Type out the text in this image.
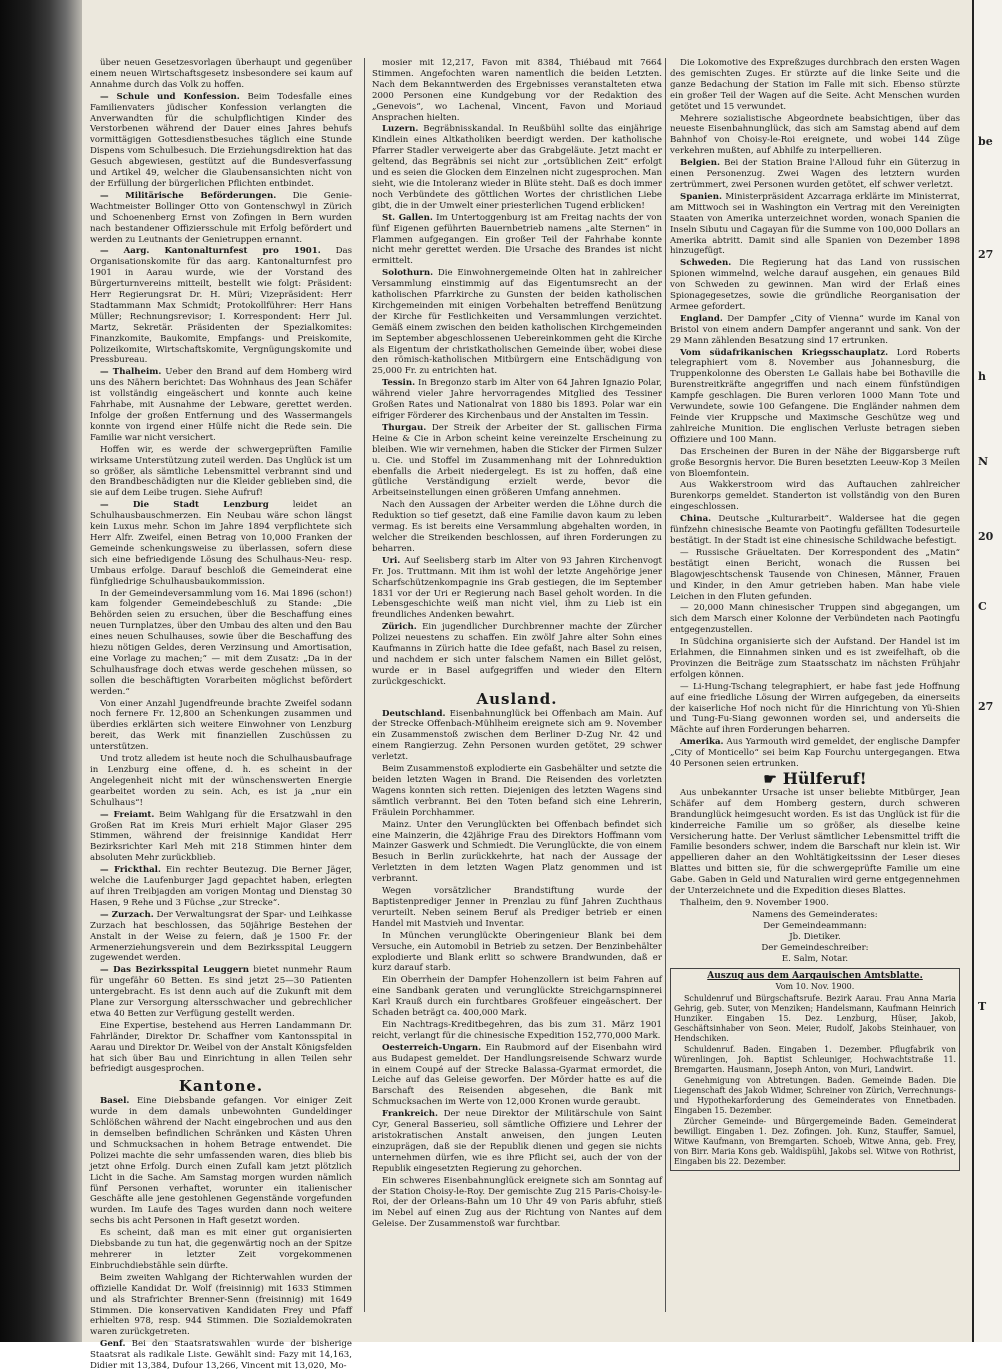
be
27
h
N
20
C
27
T

über neuen Gesetzesvorlagen überhaupt und gegenüber einem neuen Wirtschaftsgesetz insbesondere sei kaum auf Annahme durch das Volk zu hoffen.

— Schule und Konfession. Beim Todesfalle eines Familienvaters jüdischer Konfession verlangten die Anverwandten für die schulpflichtigen Kinder des Verstorbenen während der Dauer eines Jahres behufs vormittägigen Gottesdienstbesuches täglich eine Stunde Dispens vom Schulbesuch. Die Erziehungsdirektion hat das Gesuch abgewiesen, gestützt auf die Bundesverfassung und Artikel 49, welcher die Glaubensansichten nicht von der Erfüllung der bürgerlichen Pflichten entbindet.

— Militärische Beförderungen. Die Genie-Wachtmeister Bollinger Otto von Gontenschwyl in Zürich und Schoenenberg Ernst von Zofingen in Bern wurden nach bestandener Offiziersschule mit Erfolg befördert und werden zu Leutnants der Genietruppen ernannt.

— Aarg. Kantonalturnfest pro 1901. Das Organisationskomite für das aarg. Kantonalturnfest pro 1901 in Aarau wurde, wie der Vorstand des Bürgerturnvereins mitteilt, bestellt wie folgt: Präsident: Herr Regierungsrat Dr. H. Müri; Vizepräsident: Herr Stadtammann Max Schmidt; Protokollführer: Herr Hans Müller; Rechnungsrevisor; I. Korrespondent: Herr Jul. Martz, Sekretär. Präsidenten der Spezialkomites: Finanzkomite, Baukomite, Empfangs- und Preiskomite, Polizeikomite, Wirtschaftskomite, Vergnügungskomite und Pressbureau.

— Thalheim. Ueber den Brand auf dem Homberg wird uns des Nähern berichtet: Das Wohnhaus des Jean Schäfer ist vollständig eingeäschert und konnte auch keine Fahrhabe, mit Ausnahme der Lebware, gerettet werden. Infolge der großen Entfernung und des Wassermangels konnte von irgend einer Hülfe nicht die Rede sein. Die Familie war nicht versichert.

Hoffen wir, es werde der schwergeprüften Familie wirksame Unterstützung zuteil werden. Das Unglück ist um so größer, als sämtliche Lebensmittel verbrannt sind und den Brandbeschädigten nur die Kleider geblieben sind, die sie auf dem Leibe trugen. Siehe Aufruf!

— Die Stadt Lenzburg	leidet an Schulhausbauschmerzen. Ein Neubau wäre schon längst kein Luxus mehr. Schon im Jahre 1894 verpflichtete sich Herr Alfr. Zweifel, einen Betrag von 10,000 Franken der Gemeinde schenkungsweise zu überlassen, sofern diese sich eine befriedigende Lösung des Schulhaus-Neu- resp. Umbaus erfolge. Darauf beschloß die Gemeinderat eine fünfgliedrige Schulhausbaukommission.

In der Gemeindeversammlung vom 16. Mai 1896 (schon!) kam folgender Gemeindebeschluß zu Stande: „Die Behörden seien zu ersuchen, über die Beschaffung eines neuen Turnplatzes, über den Umbau des alten und den Bau eines neuen Schulhauses, sowie über die Beschaffung des hiezu nötigen Geldes, deren Verzinsung und Amortisation, eine Vorlage zu machen;“ — mit dem Zusatz: „Da in der Schulhausfrage doch etwas werde geschehen müssen, so sollen die beschäftigten Vorarbeiten möglichst befördert werden.“

Von einer Anzahl Jugendfreunde brachte Zweifel sodann noch fernere Fr. 12,800 an Schenkungen zusammen und überdies erklärten sich weitere Einwohner von Lenzburg bereit, das Werk mit finanziellen Zuschüssen zu unterstützen.

Und trotz alledem ist heute noch die Schulhausbaufrage in Lenzburg eine offene, d. h. es scheint in der Angelegenheit nicht mit der wünschenswerten Energie gearbeitet worden zu sein. Ach, es ist ja „nur ein Schulhaus“!

— Freiamt. Beim Wahlgang für die Ersatzwahl in den Großen Rat im Kreis Muri erhielt Major Glaser 295 Stimmen, während der freisinnige Kandidat Herr Bezirksrichter Karl Meh mit 218 Stimmen hinter dem absoluten Mehr zurückblieb.

— Frickthal. Ein rechter Beutezug. Die Berner Jäger, welche die Laufenburger Jagd gepachtet haben, erlegten auf ihren Treibjagden am vorigen Montag und Dienstag 30 Hasen, 9 Rehe und 3 Füchse „zur Strecke“.

— Zurzach. Der Verwaltungsrat der Spar- und Leihkasse Zurzach hat beschlossen, das 50jährige Bestehen der Anstalt in der Weise zu feiern, daß je 1500 Fr. der Armenerziehungsverein und dem Bezirksspital Leuggern zugewendet werden.

— Das Bezirksspital Leuggern bietet nunmehr Raum für ungefähr 60 Betten. Es sind jetzt 25—30 Patienten untergebracht. Es ist denn auch auf die Zukunft mit dem Plane zur Versorgung altersschwacher und gebrechlicher etwa 40 Betten zur Verfügung gestellt werden.

Eine Expertise, bestehend aus Herren Landammann Dr. Fahrländer, Direktor Dr. Schaffner vom Kantonsspital in Aarau und Direktor Dr. Weibel von der Anstalt Königsfelden hat sich über Bau und Einrichtung in allen Teilen sehr befriedigt ausgesprochen.

Kantone.

Basel. Eine Diebsbande gefangen. Vor einiger Zeit wurde in dem damals unbewohnten Gundeldinger Schlößchen während der Nacht eingebrochen und aus den in demselben befindlichen Schränken und Kästen Uhren und Schmucksachen in hohem Betrage entwendet. Die Polizei machte die sehr umfassenden waren, dies blieb bis jetzt ohne Erfolg. Durch einen Zufall kam jetzt plötzlich Licht in die Sache. Am Samstag morgen wurden nämlich fünf Personen verhaftet, worunter ein italienischer Geschäfte alle jene gestohlenen Gegenstände vorgefunden wurden. Im Laufe des Tages wurden dann noch weitere sechs bis acht Personen in Haft gesetzt worden.

Es scheint, daß man es mit einer gut organisierten Diebsbande zu tun hat, die gegenwärtig noch an der Spitze mehrerer in letzter Zeit vorgekommenen Einbruchdiebstähle sein dürfte.

Beim zweiten Wahlgang der Richterwahlen wurden der offizielle Kandidat Dr. Wolf (freisinnig) mit 1633 Stimmen und als Strafrichter Brenner-Senn (freisinnig) mit 1649 Stimmen. Die konservativen Kandidaten Frey und Pfaff erhielten 978, resp. 944 Stimmen. Die Sozialdemokraten waren zurückgetreten.

Genf. Bei den Staatsratswahlen wurde der bisherige Staatsrat als radikale Liste. Gewählt sind: Fazy mit 14,163, Didier mit 13,384, Dufour 13,266, Vincent mit 13,020, Mo-

mosier mit 12,217, Favon mit 8384, Thiébaud mit 7664 Stimmen. Angefochten waren namentlich die beiden Letzten. Nach dem Bekanntwerden des Ergebnisses veranstalteten etwa 2000 Personen eine Kundgebung vor der Redaktion des „Genevois“, wo Lachenal, Vincent, Favon und Moriaud Ansprachen hielten.

Luzern. Begräbnisskandal. In Reußbühl sollte das einjährige Kindlein eines Altkatholiken beerdigt werden. Der katholische Pfarrer Stadler verweigerte aber das Grabgeläute. Jetzt macht er geltend, das Begräbnis sei nicht zur „ortsüblichen Zeit“ erfolgt und es seien die Glocken dem Einzelnen nicht zugesprochen. Man sieht, wie die Intoleranz wieder in Blüte steht. Daß es doch immer noch Verbündete des göttlichen Wortes der christlichen Liebe gibt, die in der Umwelt einer priesterlichen Tugend erblicken!

St. Gallen. Im Untertoggenburg ist am Freitag nachts der von fünf Eigenen geführten Bauernbetrieb namens „alte Sternen“ in Flammen aufgegangen. Ein großer Teil der Fahrhabe konnte nicht mehr gerettet werden. Die Ursache des Brandes ist nicht ermittelt.

Solothurn. Die Einwohnergemeinde Olten hat in zahlreicher Versammlung einstimmig auf das Eigentumsrecht an der katholischen Pfarrkirche zu Gunsten der beiden katholischen Kirchgemeinden mit einigen Vorbehalten betreffend Benützung der Kirche für Festlichkeiten und Versammlungen verzichtet. Gemäß einem zwischen den beiden katholischen Kirchgemeinden im September abgeschlossenen Uebereinkommen geht die Kirche als Eigentum der christkatholischen Gemeinde über, wobei diese den römisch-katholischen Mitbürgern eine Entschädigung von 25,000 Fr. zu entrichten hat.

Tessin. In Bregonzo starb im Alter von 64 Jahren Ignazio Polar, während vieler Jahre hervorragendes Mitglied des Tessiner Großen Rates und Nationalrat von 1880 bis 1893. Polar war ein eifriger Förderer des Kirchenbaus und der Anstalten im Tessin.

Thurgau. Der Streik der Arbeiter der St. gallischen Firma Heine & Cie in Arbon scheint keine vereinzelte Erscheinung zu bleiben. Wie wir vernehmen, haben die Sticker der Firmen Sulzer u. Cie. und Stoffel im Zusammenhang mit der Lohnreduktion ebenfalls die Arbeit niedergelegt. Es ist zu hoffen, daß eine gütliche Verständigung erzielt werde, bevor die Arbeitseinstellungen einen größeren Umfang annehmen.

Nach den Aussagen der Arbeiter werden die Löhne durch die Reduktion so tief gesetzt, daß eine Familie davon kaum zu leben vermag. Es ist bereits eine Versammlung abgehalten worden, in welcher die Streikenden beschlossen, auf ihren Forderungen zu beharren.

Uri. Auf Seelisberg starb im Alter von 93 Jahren Kirchenvogt Fr. Jos. Truttmann. Mit ihm ist wohl der letzte Angehörige jener Scharfschützenkompagnie ins Grab gestiegen, die im September 1831 vor der Uri er Regierung nach Basel geholt worden. In die Lebensgeschichte weiß man nicht viel, ihm zu Lieb ist ein freundliches Andenken bewahrt.

Zürich. Ein jugendlicher Durchbrenner machte der Zürcher Polizei neuestens zu schaffen. Ein zwölf Jahre alter Sohn eines Kaufmanns in Zürich hatte die Idee gefaßt, nach Basel zu reisen, und nachdem er sich unter falschem Namen ein Billet gelöst, wurde er in Basel aufgegriffen und wieder den Eltern zurückgeschickt.

Ausland.

Deutschland. Eisenbahnunglück bei Offenbach am Main. Auf der Strecke Offenbach-Mühlheim ereignete sich am 9. November ein Zusammenstoß zwischen dem Berliner D-Zug Nr. 42 und einem Rangierzug. Zehn Personen wurden getötet, 29 schwer verletzt.

Beim Zusammenstoß explodierte ein Gasbehälter und setzte die beiden letzten Wagen in Brand. Die Reisenden des vorletzten Wagens konnten sich retten. Diejenigen des letzten Wagens sind sämtlich verbrannt. Bei den Toten befand sich eine Lehrerin, Fräulein Porchhammer.

Mainz. Unter den Verunglückten bei Offenbach befindet sich eine Mainzerin, die 42jährige Frau des Direktors Hoffmann vom Mainzer Gaswerk und Schmiedt. Die Verunglückte, die von einem Besuch in Berlin zurückkehrte, hat nach der Aussage der Verletzten in dem letzten Wagen Platz genommen und ist verbrannt.

Wegen vorsätzlicher Brandstiftung wurde der Baptistenprediger Jenner in Prenzlau zu fünf Jahren Zuchthaus verurteilt. Neben seinem Beruf als Prediger betrieb er einen Handel mit Mastvieh und Inventar.

In München verunglückte Oberingenieur Blank bei dem Versuche, ein Automobil in Betrieb zu setzen. Der Benzinbehälter explodierte und Blank erlitt so schwere Brandwunden, daß er kurz darauf starb.

Ein Oberrhein der Dampfer Hohenzollern ist beim Fahren auf eine Sandbank geraten und verunglückte Streichgarnspinnerei Karl Krauß durch ein furchtbares Großfeuer eingeäschert. Der Schaden beträgt ca. 400,000 Mark.

Ein Nachtrags-Kreditbegehren, das bis zum 31. März 1901 reicht, verlangt für die chinesische Expedition 152,770,000 Mark.

Oesterreich-Ungarn. Ein Raubmord auf der Eisenbahn wird aus Budapest gemeldet. Der Handlungsreisende Schwarz wurde in einem Coupé auf der Strecke Balassa-Gyarmat ermordet, die Leiche auf das Geleise geworfen. Der Mörder hatte es auf die Barschaft des Reisenden abgesehen, die Bank mit Schmucksachen im Werte von 12,000 Kronen wurde geraubt.

Frankreich. Der neue Direktor der Militärschule von Saint Cyr, General Basserieu, soll sämtliche Offiziere und Lehrer der aristokratischen Anstalt anweisen, den jungen Leuten einzuprägen, daß sie der Republik dienen und gegen sie nichts unternehmen dürfen, wie es ihre Pflicht sei, auch der von der Republik eingesetzten Regierung zu gehorchen.

Ein schweres Eisenbahnunglück ereignete sich am Sonntag auf der Station Choisy-le-Roy. Der gemischte Zug 215 Paris-Choisy-le-Roi, der der Orleans-Bahn um 10 Uhr 49 von Paris abfuhr, stieß im Nebel auf einen Zug aus der Richtung von Nantes auf dem Geleise. Der Zusammenstoß war furchtbar.

Die Lokomotive des Expreßzuges durchbrach den ersten Wagen des gemischten Zuges. Er stürzte auf die linke Seite und die ganze Bedachung der Station im Falle mit sich. Ebenso stürzte ein großer Teil der Wagen auf die Seite. Acht Menschen wurden getötet und 15 verwundet.

Mehrere sozialistische Abgeordnete beabsichtigen, über das neueste Eisenbahnunglück, das sich am Samstag abend auf dem Bahnhof von Choisy-le-Roi ereignete, und wobei 144 Züge verkehren mußten, auf Abhilfe zu interpellieren.

Belgien. Bei der Station Braine l'Alloud fuhr ein Güterzug in einen Personenzug. Zwei Wagen des letztern wurden zertrümmert, zwei Personen wurden getötet, elf schwer verletzt.

Spanien. Ministerpräsident Azcarraga erklärte im Ministerrat, am Mittwoch sei in Washington ein Vertrag mit den Vereinigten Staaten von Amerika unterzeichnet worden, wonach Spanien die Inseln Sibutu und Cagayan für die Summe von 100,000 Dollars an Amerika abtritt. Damit sind alle Spanien von Dezember 1898 hinzugefügt.

Schweden. Die Regierung hat das Land von russischen Spionen wimmelnd, welche darauf ausgehen, ein genaues Bild von Schweden zu gewinnen. Man wird der Erlaß eines Spionagegesetzes, sowie die gründliche Reorganisation der Armee gefordert.

England. Der Dampfer „City of Vienna“ wurde im Kanal von Bristol von einem andern Dampfer angerannt und sank. Von der 29 Mann zählenden Besatzung sind 17 ertrunken.

Vom südafrikanischen Kriegsschauplatz. Lord Roberts telegraphiert vom 8. November aus Johannesburg, die Truppenkolonne des Obersten Le Gallais habe bei Bothaville die Burenstreitkräfte angegriffen und nach einem fünfstündigen Kampfe geschlagen. Die Buren verloren 1000 Mann Tote und Verwundete, sowie 100 Gefangene. Die Engländer nahmen dem Feinde vier Kruppsche und Maximsche Geschütze weg und zahlreiche Munition. Die englischen Verluste betragen sieben Offiziere und 100 Mann.

Das Erscheinen der Buren in der Nähe der Biggarsberge ruft große Besorgnis hervor. Die Buren besetzten Leeuw-Kop 3 Meilen von Bloemfontein.

Aus Wakkerstroom wird das Auftauchen zahlreicher Burenkorps gemeldet. Standerton ist vollständig von den Buren eingeschlossen.

China. Deutsche „Kulturarbeit“. Waldersee hat die gegen fünfzehn chinesische Beamte von Paotingfu gefällten Todesurteile bestätigt. In der Stadt ist eine chinesische Schildwache befestigt.

— Russische Gräueltaten. Der Korrespondent des „Matin“ bestätigt einen Bericht, wonach die Russen bei Blagowjeschtschensk Tausende von Chinesen, Männer, Frauen und Kinder, in den Amur getrieben haben. Man habe viele Leichen in den Fluten gefunden.

— 20,000 Mann chinesischer Truppen sind abgegangen, um sich dem Marsch einer Kolonne der Verbündeten nach Paotingfu entgegenzustellen.

In Südchina organisierte sich der Aufstand. Der Handel ist im Erlahmen, die Einnahmen sinken und es ist zweifelhaft, ob die Provinzen die Beiträge zum Staatsschatz im nächsten Frühjahr erfolgen können.

— Li-Hung-Tschang telegraphiert, er habe fast jede Hoffnung auf eine friedliche Lösung der Wirren aufgegeben, da einerseits der kaiserliche Hof noch nicht für die Hinrichtung von Yü-Shien und Tung-Fu-Siang gewonnen worden sei, und anderseits die Mächte auf ihren Forderungen beharren.

Amerika. Aus Yarmouth wird gemeldet, der englische Dampfer „City of Monticello“ sei beim Kap Fourchu untergegangen. Etwa 40 Personen seien ertrunken.

☛ Hülferuf!

Aus unbekannter Ursache ist unser beliebte Mitbürger, Jean Schäfer auf dem Homberg gestern, durch schweren Brandunglück heimgesucht worden. Es ist das Unglück ist für die kinderreiche Familie um so größer, als dieselbe keine Versicherung hatte. Der Verlust sämtlicher Lebensmittel trifft die Familie besonders schwer, indem die Barschaft nur klein ist. Wir appellieren daher an den Wohltätigkeitssinn der Leser dieses Blattes und bitten sie, für die schwergeprüfte Familie um eine Gabe. Gaben in Geld und Naturalien wird gerne entgegennehmen der Unterzeichnete und die Expedition dieses Blattes.

Thalheim, den 9. November 1900.

Namens des Gemeinderates:

Der Gemeindeammann:

Jb. Dietiker.

Der Gemeindeschreiber:

E. Salm, Notar.

Auszug aus dem Aargauischen Amtsblatte.

Vom 10. Nov. 1900.

Schuldenruf und Bürgschaftsrufe. Bezirk Aarau. Frau Anna Maria Gehrig, geb. Suter, von Menziken; Handelsmann, Kaufmann Heinrich Hunziker. Eingaben 15. Dez. Lenzburg, Hüser, Jakob, Geschäftsinhaber von Seon. Meier, Rudolf, Jakobs Steinhauer, von Hendschiken.

Schuldenruf. Baden. Eingaben 1. Dezember. Pflugfabrik von Würenlingen, Joh. Baptist Schleuniger, Hochwachtstraße 11. Bremgarten. Hausmann, Joseph Anton, von Muri, Landwirt.

Genehmigung von Abtretungen. Baden. Gemeinde Baden. Die Liegenschaft des Jakob Widmer, Schreiner von Zürich, Verrechnungs- und Hypothekarforderung des Gemeinderates von Ennetbaden. Eingaben 15. Dezember.

Zürcher Gemeinde- und Bürgergemeinde Baden. Gemeinderat bewilligt. Eingaben 1. Dez. Zofingen. Joh. Kunz, Stauffer, Samuel, Witwe Kaufmann, von Bremgarten. Schoeb, Witwe Anna, geb. Frey, von Birr. Maria Kons geb. Waldispühl, Jakobs sel. Witwe von Rothrist, Eingaben bis 22. Dezember.
